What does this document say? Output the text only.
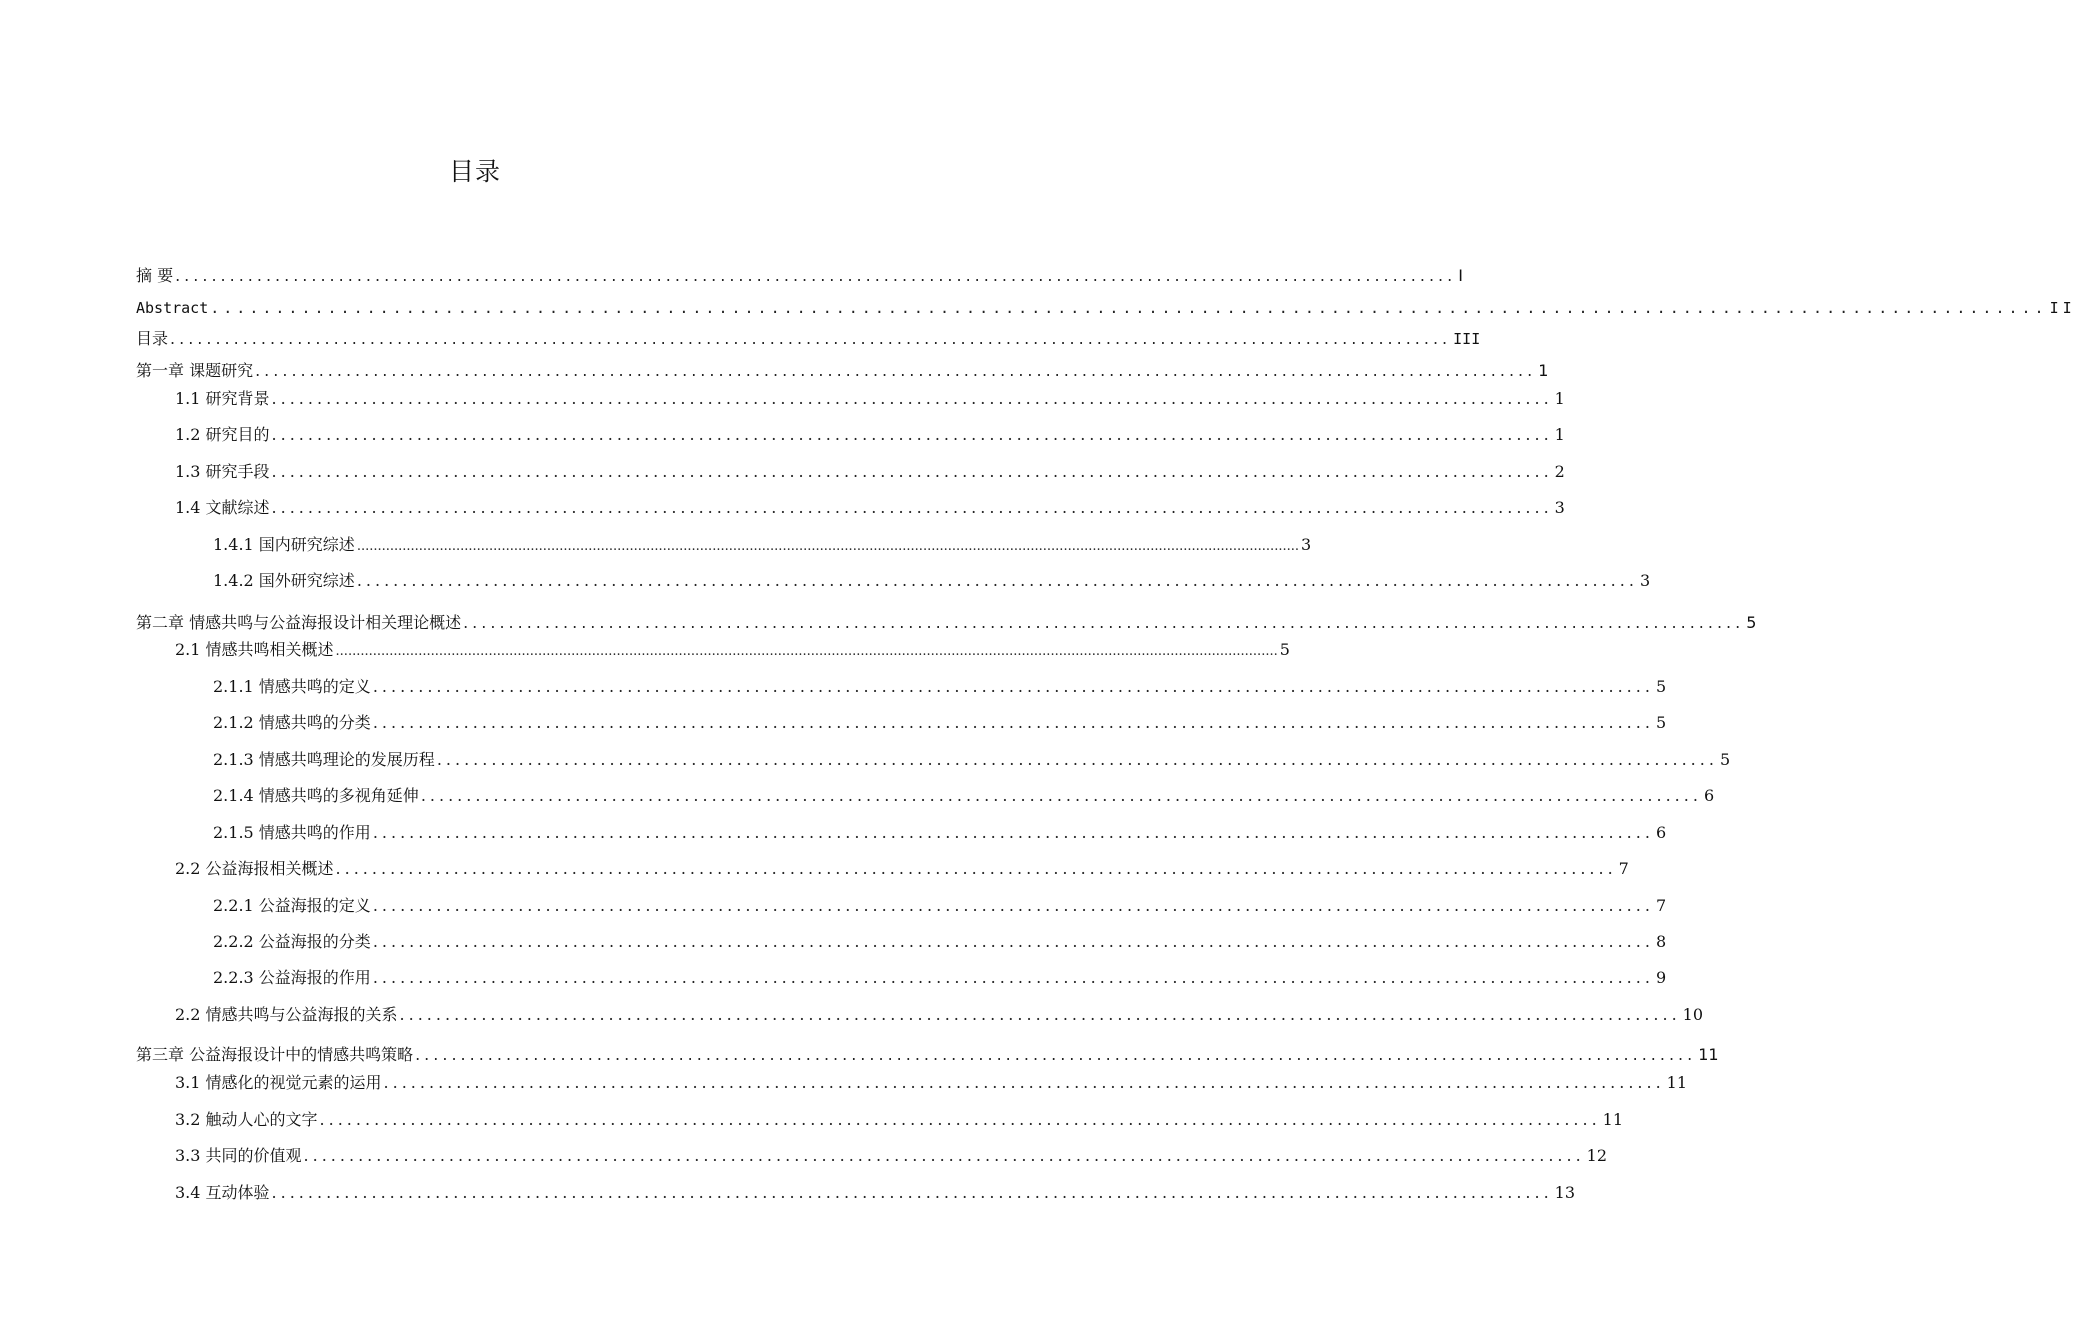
目录
摘 要 ............................................................................................................................................. I
Abstract ............................................................................................................................................. II
目录 ............................................................................................................................................. III
第一章 课题研究 ............................................................................................................................................. 1
1.1 研究背景 ............................................................................................................................................. 1
1.2 研究目的 ............................................................................................................................................. 1
1.3 研究手段 ............................................................................................................................................. 2
1.4 文献综述 ............................................................................................................................................. 3
1.4.1 国内研究综述 .................................................................................................................................................................................................................................... 3
1.4.2 国外研究综述 ............................................................................................................................................. 3
第二章 情感共鸣与公益海报设计相关理论概述 ............................................................................................................................................. 5
2.1 情感共鸣相关概述 .................................................................................................................................................................................................................................... 5
2.1.1 情感共鸣的定义 ............................................................................................................................................. 5
2.1.2 情感共鸣的分类 ............................................................................................................................................. 5
2.1.3 情感共鸣理论的发展历程 ............................................................................................................................................. 5
2.1.4 情感共鸣的多视角延伸 ............................................................................................................................................. 6
2.1.5 情感共鸣的作用 ............................................................................................................................................. 6
2.2 公益海报相关概述 ............................................................................................................................................. 7
2.2.1 公益海报的定义 ............................................................................................................................................. 7
2.2.2 公益海报的分类 ............................................................................................................................................. 8
2.2.3 公益海报的作用 ............................................................................................................................................. 9
2.2 情感共鸣与公益海报的关系 ............................................................................................................................................. 10
第三章 公益海报设计中的情感共鸣策略 ............................................................................................................................................. 11
3.1 情感化的视觉元素的运用 ............................................................................................................................................. 11
3.2 触动人心的文字 ............................................................................................................................................. 11
3.3 共同的价值观 ............................................................................................................................................. 12
3.4 互动体验 ............................................................................................................................................. 13
